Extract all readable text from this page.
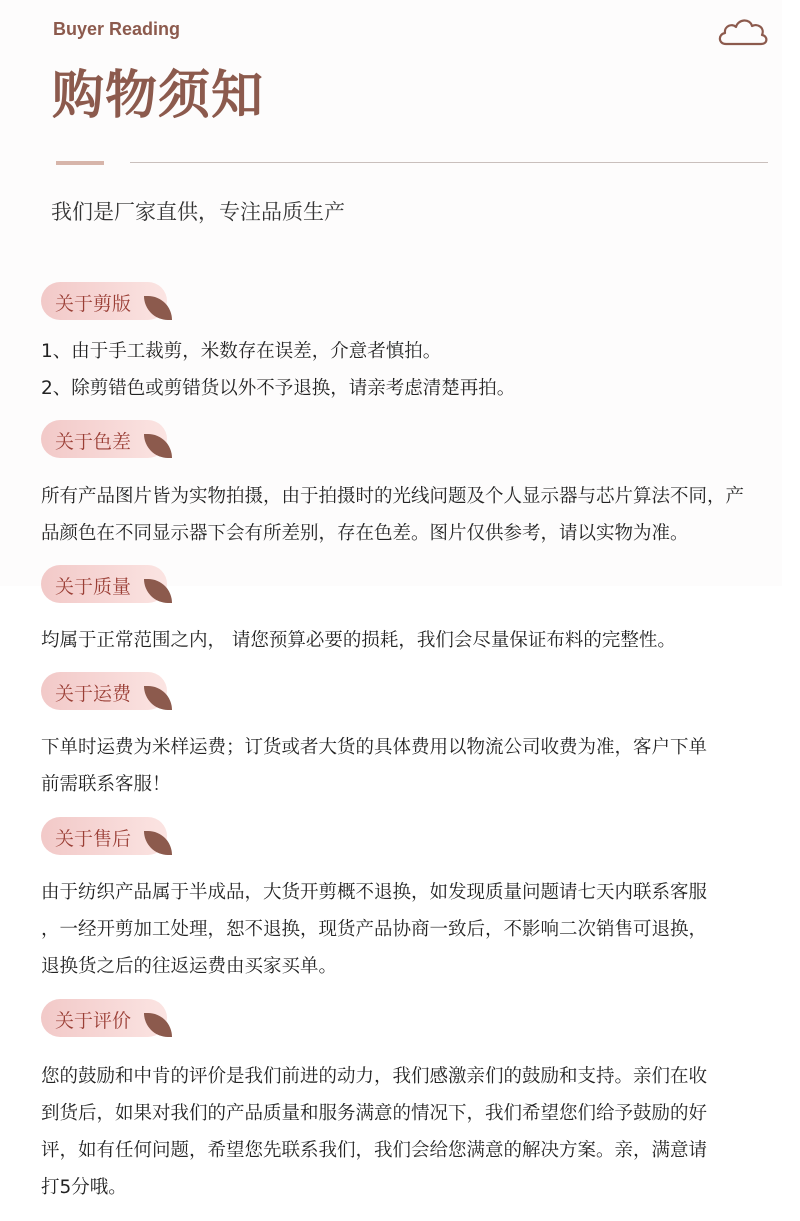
Buyer Reading
购物须知
我们是厂家直供，专注品质生产
关于剪版

1、由于手工裁剪，米数存在误差，介意者慎拍。

2、除剪错色或剪错货以外不予退换，请亲考虑清楚再拍。

关于色差

所有产品图片皆为实物拍摄，由于拍摄时的光线问题及个人显示器与芯片算法不同，产

品颜色在不同显示器下会有所差别，存在色差。图片仅供参考，请以实物为准。

关于质量

均属于正常范围之内， 请您预算必要的损耗，我们会尽量保证布料的完整性。

关于运费

下单时运费为米样运费；订货或者大货的具体费用以物流公司收费为准，客户下单

前需联系客服！

关于售后

由于纺织产品属于半成品，大货开剪概不退换，如发现质量问题请七天内联系客服

，一经开剪加工处理，恕不退换，现货产品协商一致后，不影响二次销售可退换，

退换货之后的往返运费由买家买单。

关于评价

您的鼓励和中肯的评价是我们前进的动力，我们感激亲们的鼓励和支持。亲们在收

到货后，如果对我们的产品质量和服务满意的情况下，我们希望您们给予鼓励的好

评，如有任何问题，希望您先联系我们，我们会给您满意的解决方案。亲，满意请

打5分哦。
